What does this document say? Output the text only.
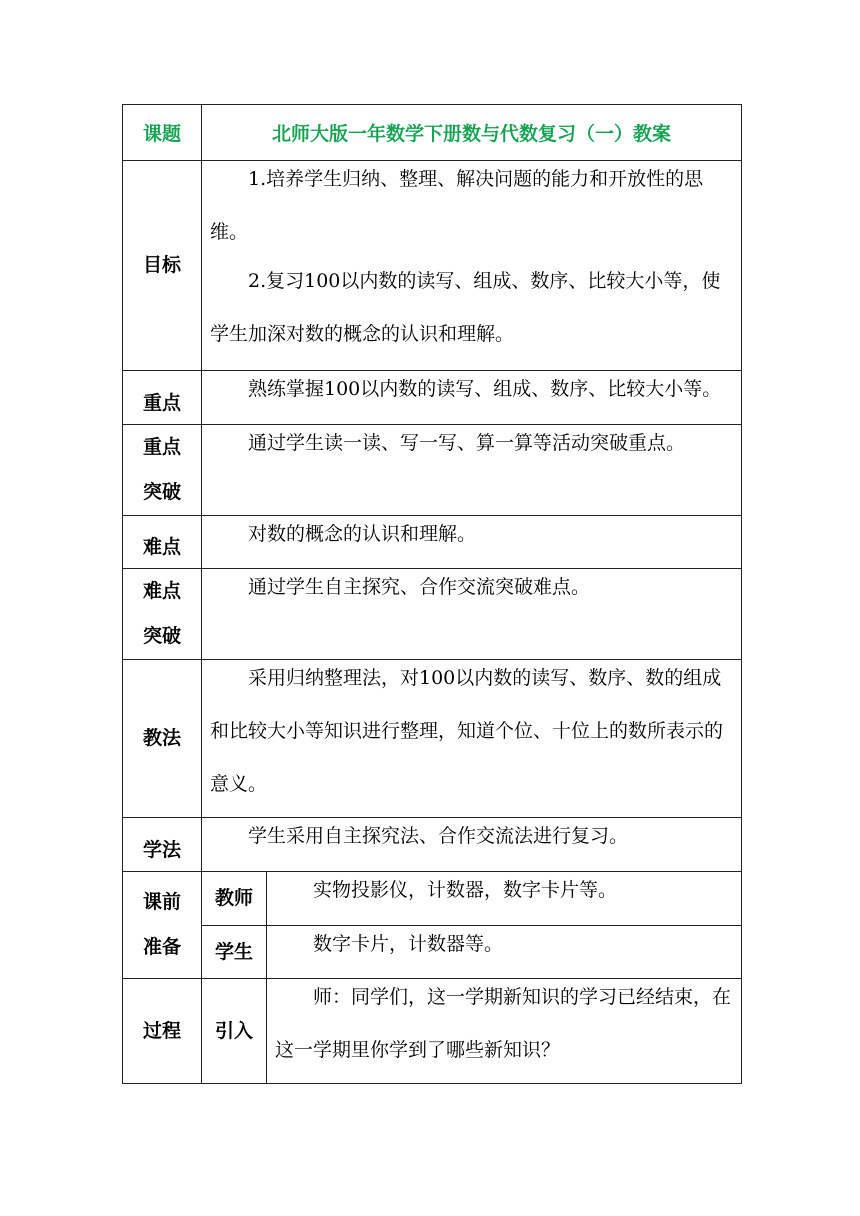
课题	北师大版一年数学下册数与代数复习（一）教案	
目标	1.培养学生归纳、整理、解决问题的能力和开放性的思维。
2.复习100以内数的读写、组成、数序、比较大小等，使学生加深对数的概念的认识和理解。	

重点	熟练掌握100以内数的读写、组成、数序、比较大小等。	

重点
突破	通过学生读一读、写一写、算一算等活动突破重点。	

难点	对数的概念的认识和理解。	

难点
突破	通过学生自主探究、合作交流突破难点。	

教法	采用归纳整理法，对100以内数的读写、数序、数的组成和比较大小等知识进行整理，知道个位、十位上的数所表示的意义。	

学法	学生采用自主探究法、合作交流法进行复习。	

课前
准备	教师	实物投影仪，计数器，数字卡片等。

	学生	数字卡片，计数器等。

过程	引入	师：同学们，这一学期新知识的学习已经结束，在这一学期里你学到了哪些新知识？
